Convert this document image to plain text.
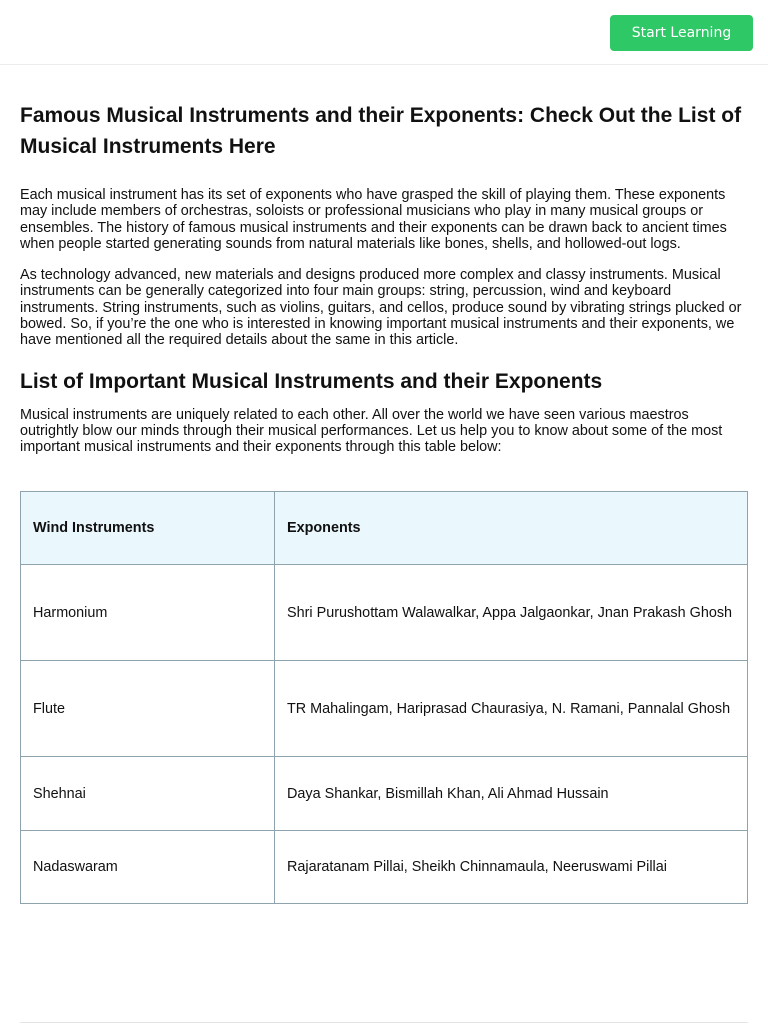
Start Learning
Famous Musical Instruments and their Exponents: Check Out the List of Musical Instruments Here

Each musical instrument has its set of exponents who have grasped the skill of playing them. These exponents may include members of orchestras, soloists or professional musicians who play in many musical groups or ensembles. The history of famous musical instruments and their exponents can be drawn back to ancient times when people started generating sounds from natural materials like bones, shells, and hollowed-out logs.

As technology advanced, new materials and designs produced more complex and classy instruments. Musical instruments can be generally categorized into four main groups: string, percussion, wind and keyboard instruments. String instruments, such as violins, guitars, and cellos, produce sound by vibrating strings plucked or bowed. So, if you’re the one who is interested in knowing important musical instruments and their exponents, we have mentioned all the required details about the same in this article.

List of Important Musical Instruments and their Exponents

Musical instruments are uniquely related to each other. All over the world we have seen various maestros outrightly blow our minds through their musical performances. Let us help you to know about some of the most important musical instruments and their exponents through this table below:

Wind Instruments	Exponents
Harmonium	Shri Purushottam Walawalkar, Appa Jalgaonkar, Jnan Prakash Ghosh
Flute	TR Mahalingam, Hariprasad Chaurasiya, N. Ramani, Pannalal Ghosh
Shehnai	Daya Shankar, Bismillah Khan, Ali Ahmad Hussain
Nadaswaram	Rajaratanam Pillai, Sheikh Chinnamaula, Neeruswami Pillai
